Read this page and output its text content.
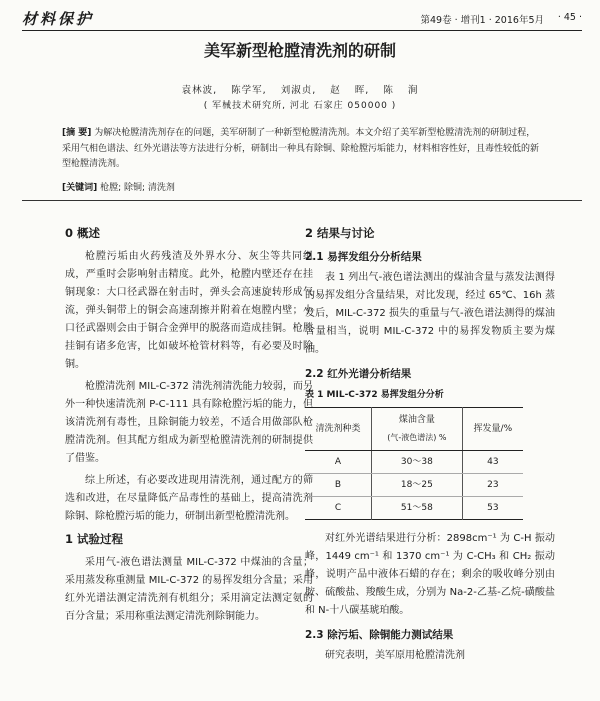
材料保护	第49卷 · 增刊1 · 2016年5月 · 45 ·
美军新型枪膛清洗剂的研制
袁林波, 陈学军, 刘淑贞, 赵 晖, 陈 涧
( 军械技术研究所, 河北 石家庄 050000 )
[摘 要] 为解决枪膛清洗剂存在的问题，美军研制了一种新型枪膛清洗剂。本文介绍了美军新型枪膛清洗剂的研制过程，采用气相色谱法、红外光谱法等方法进行分析，研制出一种具有除铜、除枪膛污垢能力，材料相容性好，且毒性较低的新型枪膛清洗剂。
[关键词] 枪膛; 除铜; 清洗剂
0 概述

枪膛污垢由火药残渣及外界水分、灰尘等共同组成，严重时会影响射击精度。此外，枪膛内壁还存在挂铜现象：大口径武器在射击时，弹头会高速旋转形成气流，弹头铜带上的铜会高速刮擦并附着在炮膛内壁；小口径武器则会由于铜合金弹甲的脱落而造成挂铜。枪膛挂铜有诸多危害，比如破坏枪管材料等，有必要及时除铜。

枪膛清洗剂 MIL-C-372 清洗剂清洗能力较弱，而另外一种快速清洗剂 P-C-111 具有除枪膛污垢的能力，但该清洗剂有毒性，且除铜能力较差，不适合用做部队枪膛清洗剂。但其配方组成为新型枪膛清洗剂的研制提供了借鉴。

综上所述，有必要改进现用清洗剂，通过配方的筛选和改进，在尽量降低产品毒性的基础上，提高清洗剂除铜、除枪膛污垢的能力，研制出新型枪膛清洗剂。

1 试验过程

采用气-液色谱法测量 MIL-C-372 中煤油的含量；采用蒸发称重测量 MIL-C-372 的易挥发组分含量；采用红外光谱法测定清洗剂有机组分；采用滴定法测定氨的百分含量；采用称重法测定清洗剂除铜能力。

2 结果与讨论
2.1 易挥发组分分析结果

表 1 列出气-液色谱法测出的煤油含量与蒸发法测得的易挥发组分含量结果，对比发现，经过 65℃、16h 蒸发后，MIL-C-372 损失的重量与气-液色谱法测得的煤油含量相当，说明 MIL-C-372 中的易挥发物质主要为煤油。

2.2 红外光谱分析结果
表 1 MIL-C-372 易挥发组分分析
清洗剂种类	煤油含量
(气-液色谱法) %	挥发量/%
A	30～38	43
B	18～25	23
C	51～58	53

对红外光谱结果进行分析：2898cm⁻¹ 为 C-H 振动峰，1449 cm⁻¹ 和 1370 cm⁻¹ 为 C-CH₃ 和 CH₂ 振动峰，说明产品中液体石蜡的存在；剩余的吸收峰分别由胺、硫酸盐、羧酸生成，分别为 Na-2-乙基-乙烷-磺酸盐和 N-十八碳基琥珀酸。

2.3 除污垢、除铜能力测试结果

研究表明，美军原用枪膛清洗剂
